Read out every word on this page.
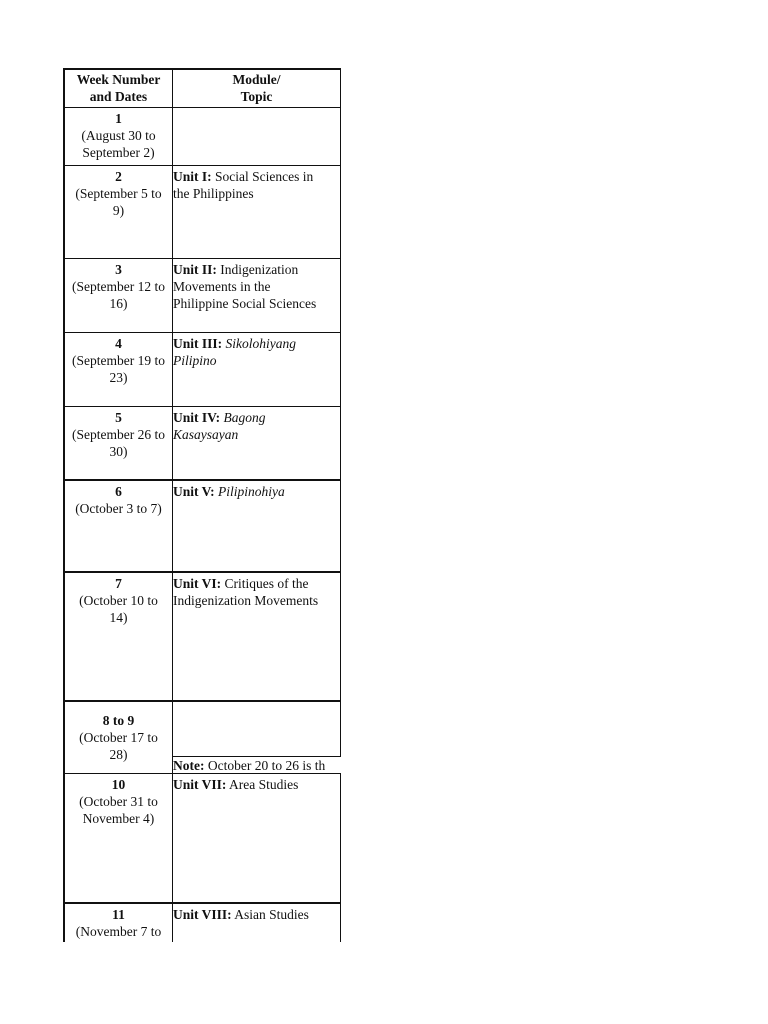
Week Number
and Dates
Module/
Topic
1
(August 30 to
September 2)
2
(September 5 to
9)
Unit I: Social Sciences in
the Philippines
3
(September 12 to
16)
Unit II: Indigenization
Movements in the
Philippine Social Sciences
4
(September 19 to
23)
Unit III: Sikolohiyang
Pilipino
5
(September 26 to
30)
Unit IV: Bagong
Kasaysayan
6
(October 3 to 7)
Unit V: Pilipinohiya
7
(October 10 to
14)
Unit VI: Critiques of the
Indigenization Movements
8 to 9
(October 17 to
28)
Note: October 20 to 26 is th
10
(October 31 to
November 4)
Unit VII: Area Studies
11
(November 7 to
Unit VIII: Asian Studies
